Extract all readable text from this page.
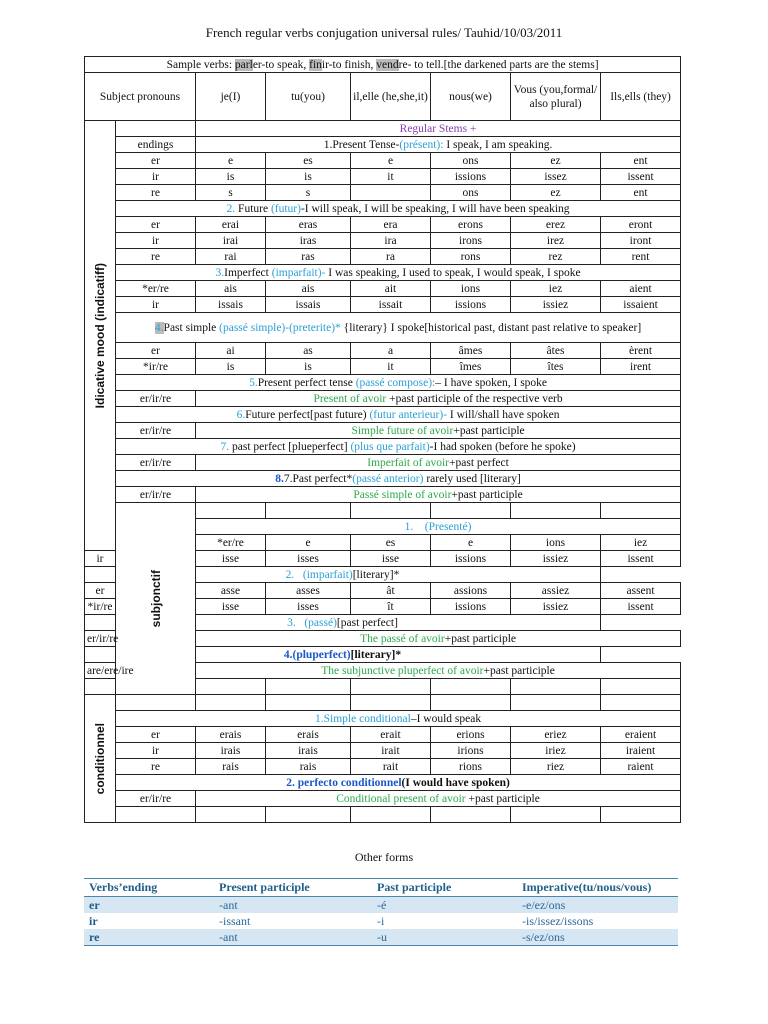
French regular verbs conjugation universal rules/ Tauhid/10/03/2011
Sample verbs: parler-to speak, finir-to finish, vendre- to tell.[the darkened parts are the stems]								
Subject pronouns		je(I)	tu(you)	il,elle (he,she,it)	nous(we)	Vous (you,formal/ also plural)	Ils,ells (they)	

Idicative mood (indicatiff)		Regular Stems +						
	endings	1.Present Tense-(présent): I speak, I am speaking.						
	er	e	es	e	ons	ez	ent	
	ir	is	is	it	issions	issez	issent	
	re	s	s		ons	ez	ent	
	2. Future (futur)-I will speak, I will be speaking, I will have been speaking							
	er	erai	eras	era	erons	erez	eront	
	ir	irai	iras	ira	irons	irez	iront	
	re	rai	ras	ra	rons	rez	rent	
	3.Imperfect (imparfait)- I was speaking, I used to speak, I would speak, I spoke							
	*er/re	ais	ais	ait	ions	iez	aient	
	ir	issais	issais	issait	issions	issiez	issaient	
	4.Past simple (passé simple)-(preterite)* {literary} I spoke[historical past, distant past relative to speaker]							
	er	ai	as	a	âmes	âtes	èrent	
	*ir/re	is	is	it	îmes	îtes	irent	
	5.Present perfect tense (passé compose):– I have spoken, I spoke							
	er/ir/re	Present of avoir +past participle of the respective verb						
	6.Future perfect[past future) (futur anterieur)- I will/shall have spoken							
	er/ir/re	Simple future of avoir+past participle						
	7. past perfect [plueperfect] (plus que parfait)-I had spoken (before he spoke)							
	er/ir/re	Imperfait of avoir+past perfect						
	8.7.Past perfect*(passé anterior) rarely used [literary]							
	er/ir/re	Passé simple of avoir+past participle						

	subjonctif							

		1. (Presenté)						
		*er/re	e	es	e	ions	iez	
ir		isse	isses	isse	issions	issiez	issent	
2. (imparfait)[literary]*								
er		asse	asses	ât	assions	assiez	assent	
*ir/re		isse	isses	ît	issions	issiez	issent	
3. (passé)[past perfect]								
er/ir/re		The passé of avoir+past participle						
4.(pluperfect)[literary]*								
are/ere/ire		The subjunctive pluperfect of avoir+past participle						

conditionnel								

	1.Simple conditional–I would speak							
	er	erais	erais	erait	erions	eriez	eraient	
	ir	irais	irais	irait	irions	iriez	iraient	
	re	rais	rais	rait	rions	riez	raient	
	2. perfecto conditionnel(I would have spoken)							
	er/ir/re	Conditional present of avoir +past participle						

Other forms
Verbs’ending	Present participle	Past participle	Imperative(tu/nous/vous)
er	-ant	-é	-e/ez/ons
ir	-issant	-i	-is/issez/issons
re	-ant	-u	-s/ez/ons
